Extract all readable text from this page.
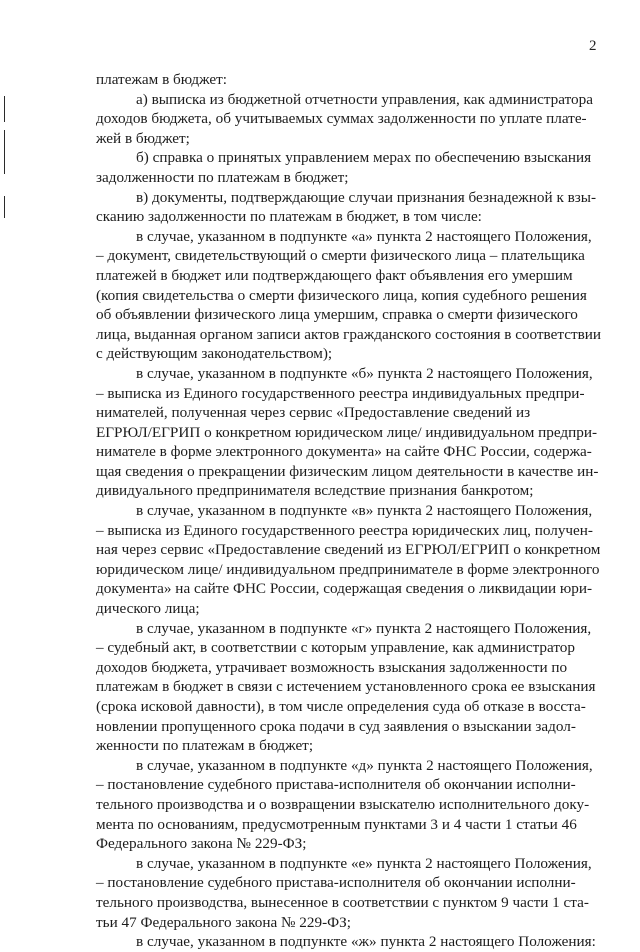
2
платежам в бюджет:
а) выписка из бюджетной отчетности управления, как администратора
доходов бюджета, об учитываемых суммах задолженности по уплате плате-
жей в бюджет;
б) справка о принятых управлением мерах по обеспечению взыскания
задолженности по платежам в бюджет;
в) документы, подтверждающие случаи признания безнадежной к взы-
сканию задолженности по платежам в бюджет, в том числе:
в случае, указанном в подпункте «а» пункта 2 настоящего Положения,
– документ, свидетельствующий о смерти физического лица – плательщика
платежей в бюджет или подтверждающего факт объявления его умершим
(копия свидетельства о смерти физического лица, копия судебного решения
об объявлении физического лица умершим, справка о смерти физического
лица, выданная органом записи актов гражданского состояния в соответствии
с действующим законодательством);
в случае, указанном в подпункте «б» пункта 2 настоящего Положения,
– выписка из Единого государственного реестра индивидуальных предпри-
нимателей, полученная через сервис «Предоставление сведений из
ЕГРЮЛ/ЕГРИП о конкретном юридическом лице/ индивидуальном предпри-
нимателе в форме электронного документа» на сайте ФНС России, содержа-
щая сведения о прекращении физическим лицом деятельности в качестве ин-
дивидуального предпринимателя вследствие признания банкротом;
в случае, указанном в подпункте «в» пункта 2 настоящего Положения,
– выписка из Единого государственного реестра юридических лиц, получен-
ная через сервис «Предоставление сведений из ЕГРЮЛ/ЕГРИП о конкретном
юридическом лице/ индивидуальном предпринимателе в форме электронного
документа» на сайте ФНС России, содержащая сведения о ликвидации юри-
дического лица;
в случае, указанном в подпункте «г» пункта 2 настоящего Положения,
– судебный акт, в соответствии с которым управление, как администратор
доходов бюджета, утрачивает возможность взыскания задолженности по
платежам в бюджет в связи с истечением установленного срока ее взыскания
(срока исковой давности), в том числе определения суда об отказе в восста-
новлении пропущенного срока подачи в суд заявления о взыскании задол-
женности по платежам в бюджет;
в случае, указанном в подпункте «д» пункта 2 настоящего Положения,
– постановление судебного пристава-исполнителя об окончании исполни-
тельного производства и о возвращении взыскателю исполнительного доку-
мента по основаниям, предусмотренным пунктами 3 и 4 части 1 статьи 46
Федерального закона № 229-ФЗ;
в случае, указанном в подпункте «е» пункта 2 настоящего Положения,
– постановление судебного пристава-исполнителя об окончании исполни-
тельного производства, вынесенное в соответствии с пунктом 9 части 1 ста-
тьи 47 Федерального закона № 229-ФЗ;
в случае, указанном в подпункте «ж» пункта 2 настоящего Положения:
